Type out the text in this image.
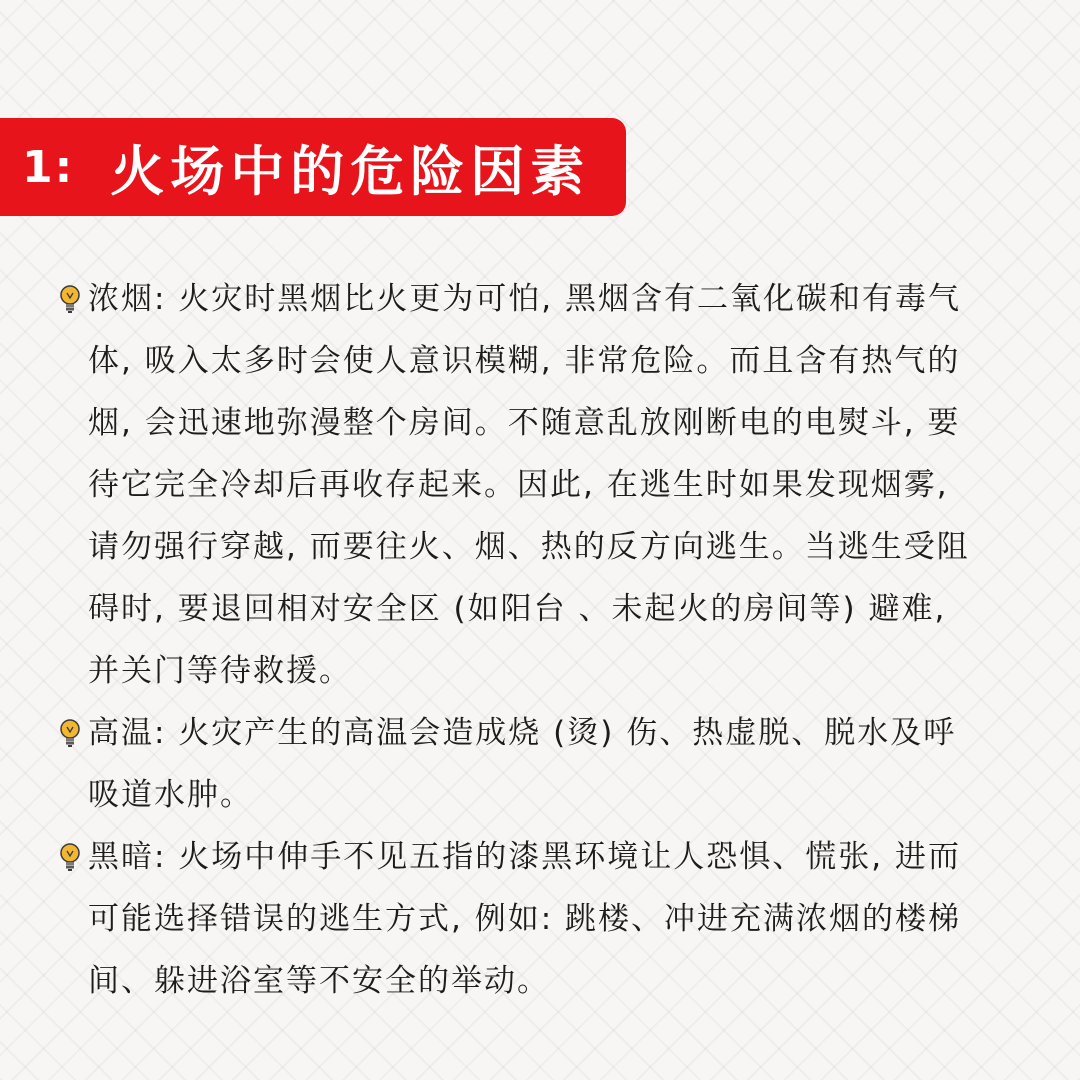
1: 火场中的危险因素

浓烟: 火灾时黑烟比火更为可怕, 黑烟含有二氧化碳和有毒气
体, 吸入太多时会使人意识模糊, 非常危险。而且含有热气的
烟, 会迅速地弥漫整个房间。不随意乱放刚断电的电熨斗, 要
待它完全冷却后再收存起来。因此, 在逃生时如果发现烟雾,
请勿强行穿越, 而要往火、烟、热的反方向逃生。当逃生受阻
碍时, 要退回相对安全区 (如阳台 、未起火的房间等) 避难,
并关门等待救援。

高温: 火灾产生的高温会造成烧 (烫) 伤、热虚脱、脱水及呼
吸道水肿。

黑暗: 火场中伸手不见五指的漆黑环境让人恐惧、慌张, 进而
可能选择错误的逃生方式, 例如: 跳楼、冲进充满浓烟的楼梯
间、躲进浴室等不安全的举动。
